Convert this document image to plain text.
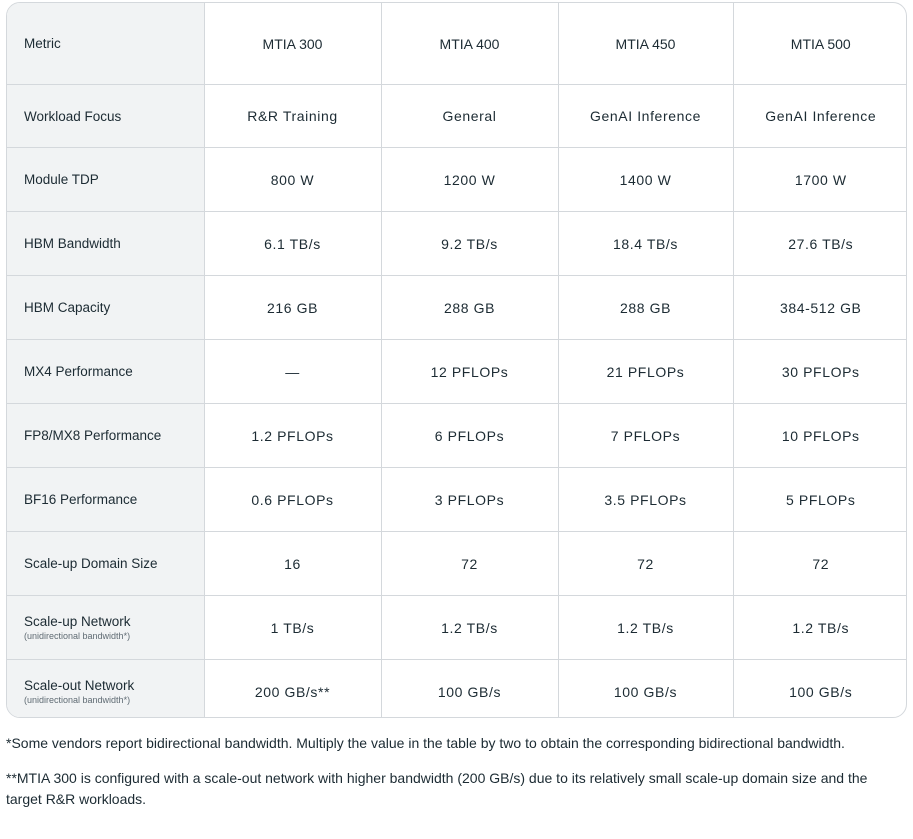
Metric	MTIA 300	MTIA 400	MTIA 450	MTIA 500
Workload Focus	R&R Training	General	GenAI Inference	GenAI Inference
Module TDP	800 W	1200 W	1400 W	1700 W
HBM Bandwidth	6.1 TB/s	9.2 TB/s	18.4 TB/s	27.6 TB/s
HBM Capacity	216 GB	288 GB	288 GB	384-512 GB
MX4 Performance	—	12 PFLOPs	21 PFLOPs	30 PFLOPs
FP8/MX8 Performance	1.2 PFLOPs	6 PFLOPs	7 PFLOPs	10 PFLOPs
BF16 Performance	0.6 PFLOPs	3 PFLOPs	3.5 PFLOPs	5 PFLOPs
Scale-up Domain Size	16	72	72	72
Scale-up Network
(unidirectional bandwidth*)	1 TB/s	1.2 TB/s	1.2 TB/s	1.2 TB/s
Scale-out Network
(unidirectional bandwidth*)	200 GB/s**	100 GB/s	100 GB/s	100 GB/s

*Some vendors report bidirectional bandwidth. Multiply the value in the table by two to obtain the corresponding bidirectional bandwidth.

**MTIA 300 is configured with a scale-out network with higher bandwidth (200 GB/s) due to its relatively small scale-up domain size and the target R&R workloads.
